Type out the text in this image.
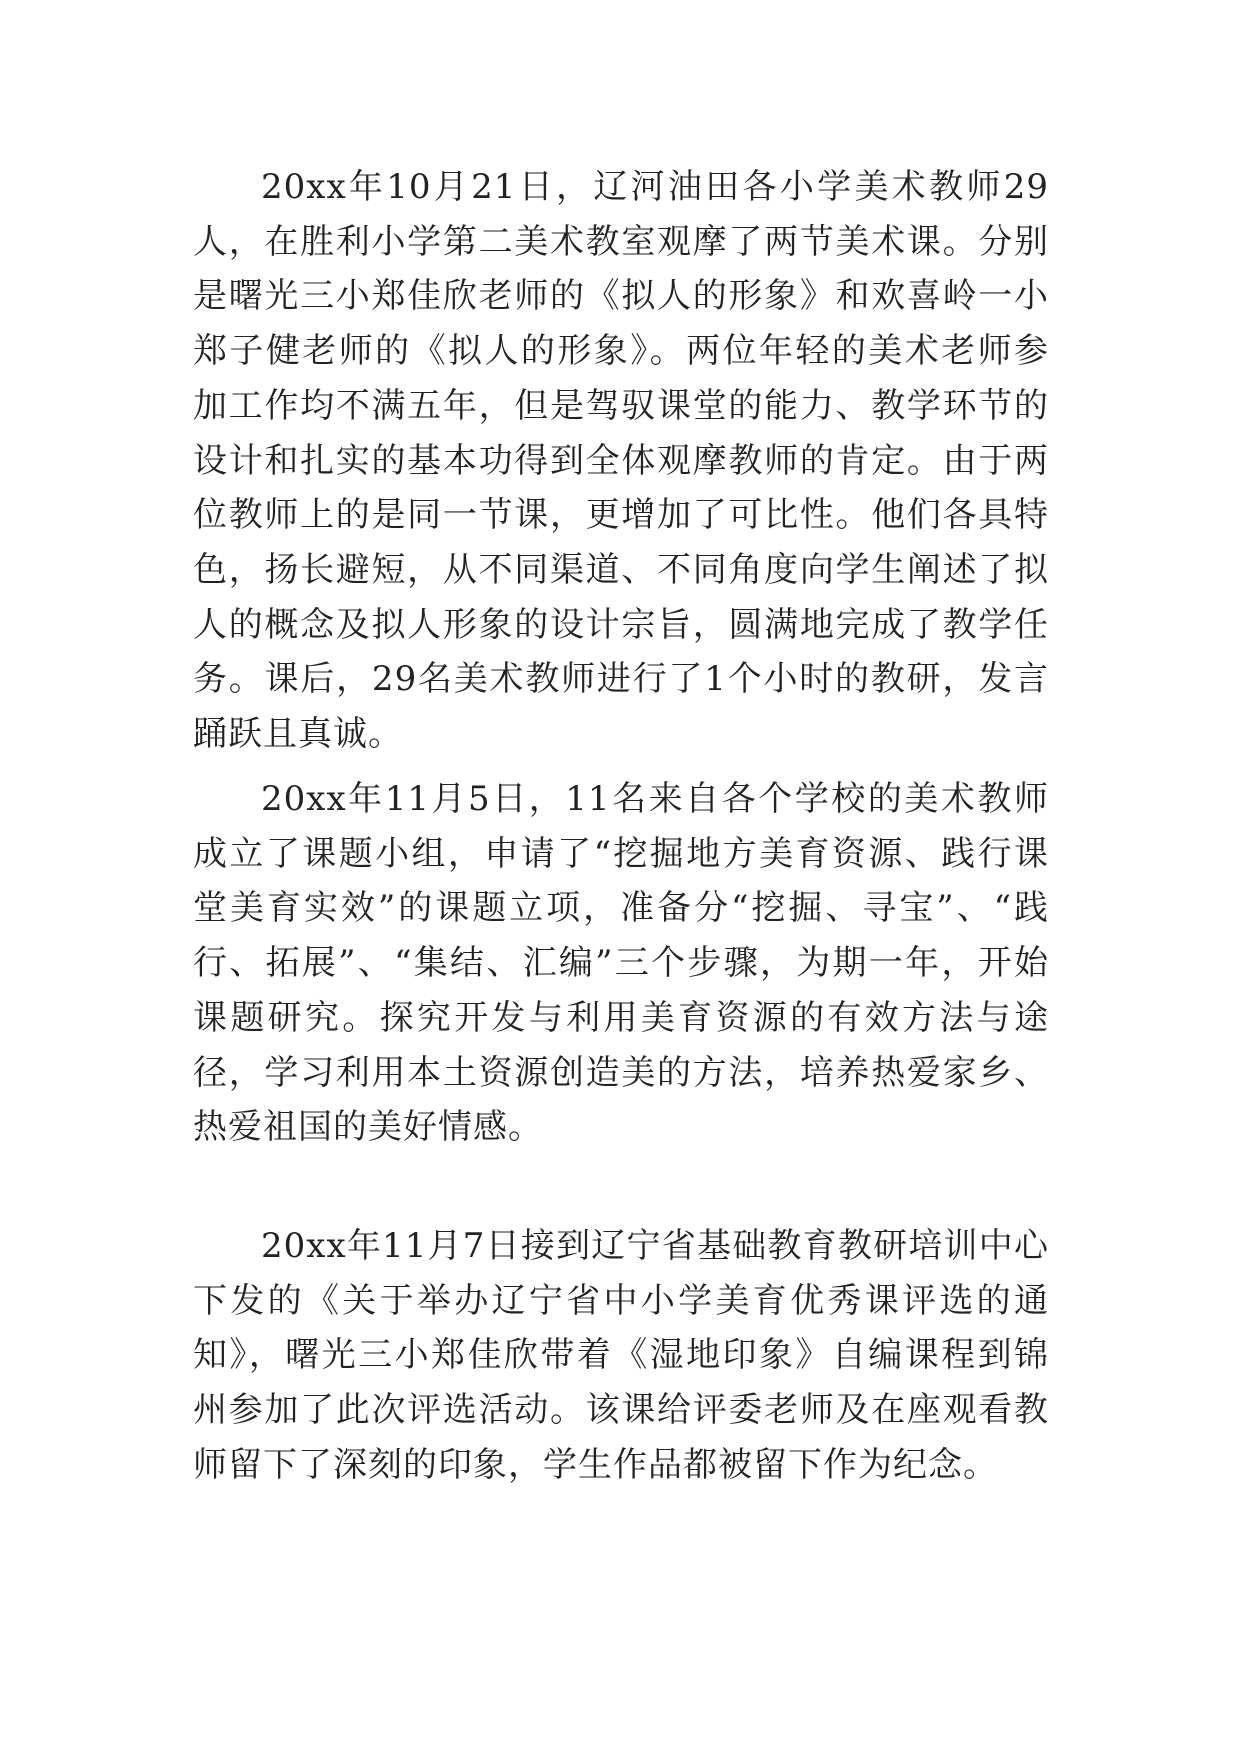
20xx年10月21日，辽河油田各小学美术教师29人，在胜利小学第二美术教室观摩了两节美术课。分别是曙光三小郑佳欣老师的《拟人的形象》和欢喜岭一小郑子健老师的《拟人的形象》。两位年轻的美术老师参加工作均不满五年，但是驾驭课堂的能力、教学环节的设计和扎实的基本功得到全体观摩教师的肯定。由于两位教师上的是同一节课，更增加了可比性。他们各具特色，扬长避短，从不同渠道、不同角度向学生阐述了拟人的概念及拟人形象的设计宗旨，圆满地完成了教学任务。课后，29名美术教师进行了1个小时的教研，发言踊跃且真诚。

20xx年11月5日，11名来自各个学校的美术教师成立了课题小组，申请了“挖掘地方美育资源、践行课堂美育实效”的课题立项，准备分“挖掘、寻宝”、“践行、拓展”、“集结、汇编”三个步骤，为期一年，开始课题研究。探究开发与利用美育资源的有效方法与途径，学习利用本土资源创造美的方法，培养热爱家乡、热爱祖国的美好情感。

20xx年11月7日接到辽宁省基础教育教研培训中心下发的《关于举办辽宁省中小学美育优秀课评选的通知》，曙光三小郑佳欣带着《湿地印象》自编课程到锦州参加了此次评选活动。该课给评委老师及在座观看教师留下了深刻的印象，学生作品都被留下作为纪念。
